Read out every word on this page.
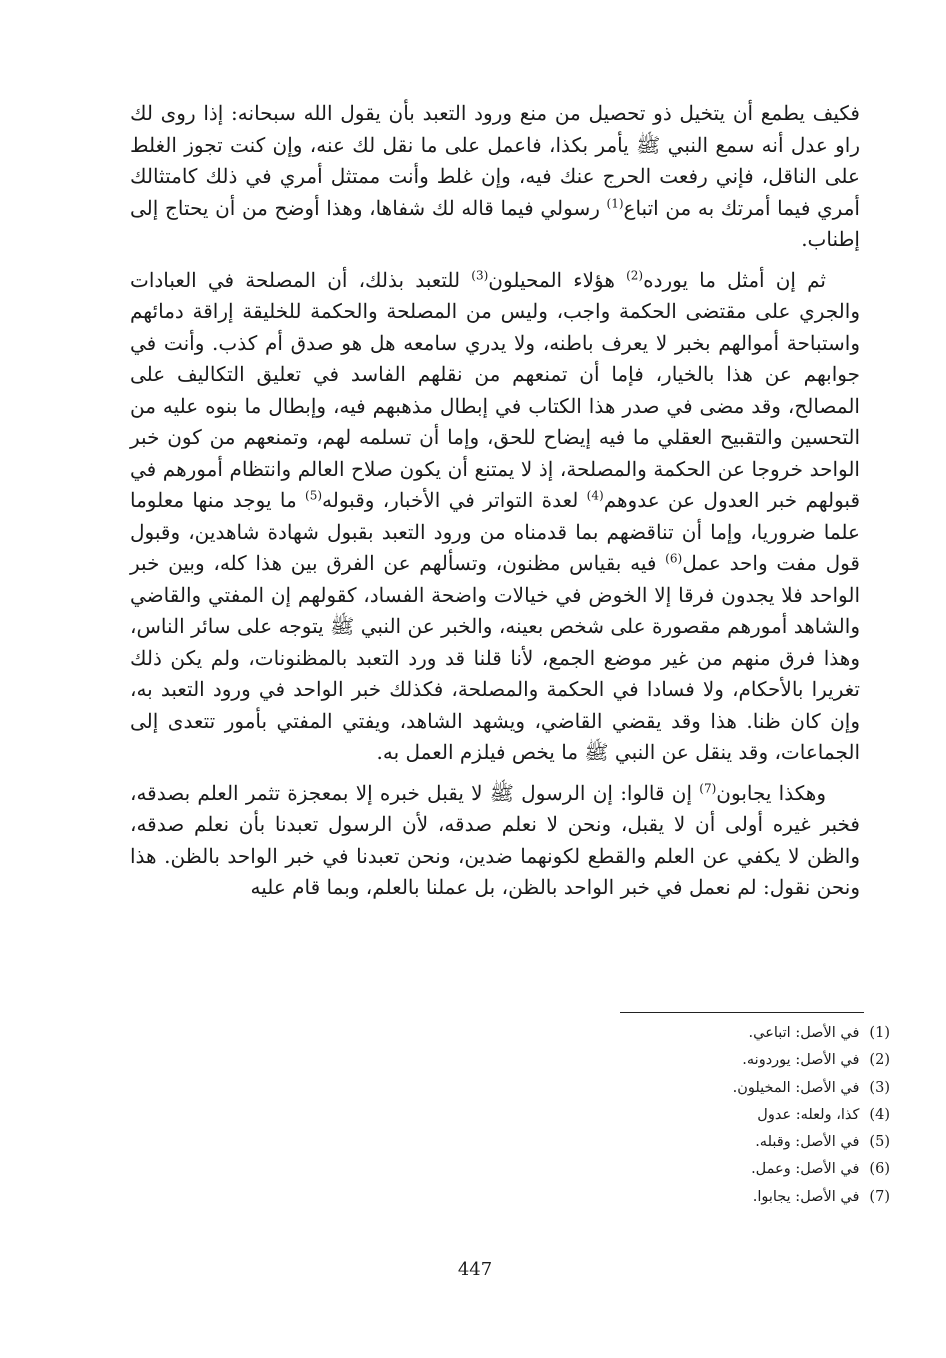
فكيف يطمع أن يتخيل ذو تحصيل من منع ورود التعبد بأن يقول الله سبحانه: إذا روى لك راو عدل أنه سمع النبي ﷺ يأمر بكذا، فاعمل على ما نقل لك عنه، وإن كنت تجوز الغلط على الناقل، فإني رفعت الحرج عنك فيه، وإن غلط وأنت ممتثل أمري في ذلك كامتثالك أمري فيما أمرتك به من اتباع$^{(1)}$ رسولي فيما قاله لك شفاها، وهذا أوضح من أن يحتاج إلى إطناب.

ثم إن أمثل ما يورده$^{(2)}$ هؤلاء المحيلون$^{(3)}$ للتعبد بذلك، أن المصلحة في العبادات والجري على مقتضى الحكمة واجب، وليس من المصلحة والحكمة للخليقة إراقة دمائهم واستباحة أموالهم بخبر لا يعرف باطنه، ولا يدري سامعه هل هو صدق أم كذب. وأنت في جوابهم عن هذا بالخيار، فإما أن تمنعهم من نقلهم الفاسد في تعليق التكاليف على المصالح، وقد مضى في صدر هذا الكتاب في إبطال مذهبهم فيه، وإبطال ما بنوه عليه من التحسين والتقبيح العقلي ما فيه إيضاح للحق، وإما أن تسلمه لهم، وتمنعهم من كون خبر الواحد خروجا عن الحكمة والمصلحة، إذ لا يمتنع أن يكون صلاح العالم وانتظام أمورهم في قبولهم خبر العدول عن عدوهم$^{(4)}$ لعدة التواتر في الأخبار، وقبوله$^{(5)}$ ما يوجد منها معلوما علما ضروريا، وإما أن تناقضهم بما قدمناه من ورود التعبد بقبول شهادة شاهدين، وقبول قول مفت واحد عمل$^{(6)}$ فيه بقياس مظنون، وتسألهم عن الفرق بين هذا كله، وبين خبر الواحد فلا يجدون فرقا إلا الخوض في خيالات واضحة الفساد، كقولهم إن المفتي والقاضي والشاهد أمورهم مقصورة على شخص بعينه، والخبر عن النبي ﷺ يتوجه على سائر الناس، وهذا فرق منهم من غير موضع الجمع، لأنا قلنا قد ورد التعبد بالمظنونات، ولم يكن ذلك تغريرا بالأحكام، ولا فسادا في الحكمة والمصلحة، فكذلك خبر الواحد في ورود التعبد به، وإن كان ظنا. هذا وقد يقضي القاضي، ويشهد الشاهد، ويفتي المفتي بأمور تتعدى إلى الجماعات، وقد ينقل عن النبي ﷺ ما يخص فيلزم العمل به.

وهكذا يجابون$^{(7)}$ إن قالوا: إن الرسول ﷺ لا يقبل خبره إلا بمعجزة تثمر العلم بصدقه، فخبر غيره أولى أن لا يقبل، ونحن لا نعلم صدقه، لأن الرسول تعبدنا بأن نعلم صدقه، والظن لا يكفي عن العلم والقطع لكونهما ضدين، ونحن تعبدنا في خبر الواحد بالظن. هذا ونحن نقول: لم نعمل في خبر الواحد بالظن، بل عملنا بالعلم، وبما قام عليه

(1)في الأصل: اتباعي.
(2)في الأصل: يوردونه.
(3)في الأصل: المخيلون.
(4)كذا، ولعله: عدول
(5)في الأصل: وقبله.
(6)في الأصل: وعمل.
(7)في الأصل: يجابوا.
447
